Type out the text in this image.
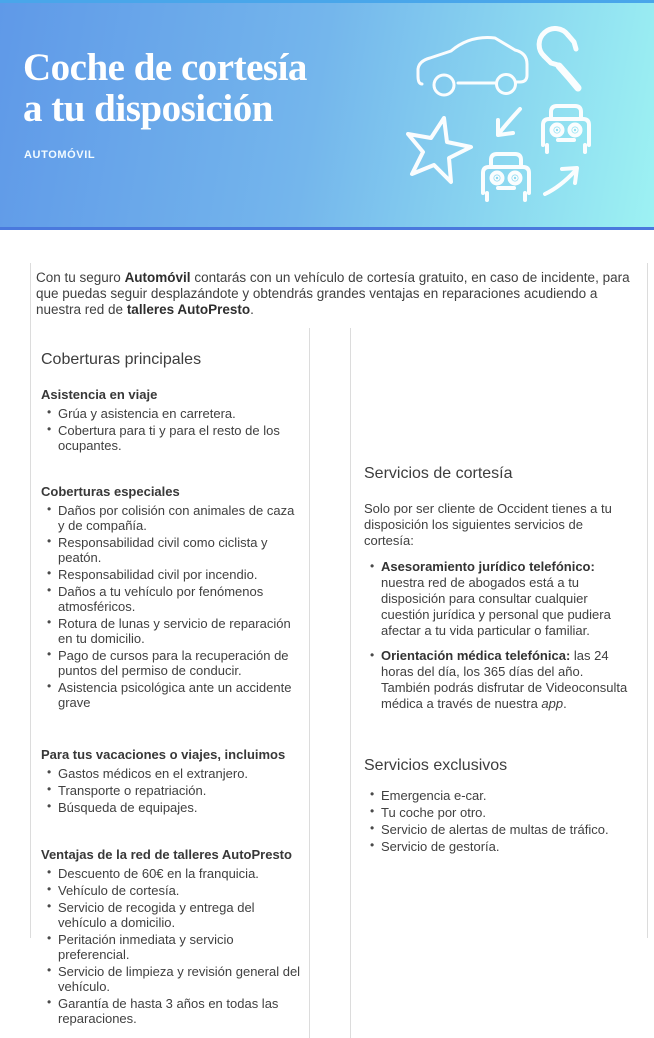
Coche de cortesía
a tu disposición
AUTOMÓVIL

Con tu seguro Automóvil contarás con un vehículo de cortesía gratuito, en caso de incidente, para que puedas seguir desplazándote y obtendrás grandes ventajas en reparaciones acudiendo a nuestra red de talleres AutoPresto.

Coberturas principales
Asistencia en viaje
• Grúa y asistencia en carretera.
• Cobertura para ti y para el resto de los ocupantes.
Coberturas especiales
• Daños por colisión con animales de caza y de compañía.
• Responsabilidad civil como ciclista y peatón.
• Responsabilidad civil por incendio.
• Daños a tu vehículo por fenómenos atmosféricos.
• Rotura de lunas y servicio de reparación en tu domicilio.
• Pago de cursos para la recuperación de puntos del permiso de conducir.
• Asistencia psicológica ante un accidente grave
Para tus vacaciones o viajes, incluimos
• Gastos médicos en el extranjero.
• Transporte o repatriación.
• Búsqueda de equipajes.
Ventajas de la red de talleres AutoPresto
• Descuento de 60€ en la franquicia.
• Vehículo de cortesía.
• Servicio de recogida y entrega del vehículo a domicilio.
• Peritación inmediata y servicio preferencial.
• Servicio de limpieza y revisión general del vehículo.
• Garantía de hasta 3 años en todas las reparaciones.
Servicios de cortesía

Solo por ser cliente de Occident tienes a tu disposición los siguientes servicios de cortesía:

• Asesoramiento jurídico telefónico: nuestra red de abogados está a tu disposición para consultar cualquier cuestión jurídica y personal que pudiera afectar a tu vida particular o familiar.
• Orientación médica telefónica: las 24 horas del día, los 365 días del año. También podrás disfrutar de Videoconsulta médica a través de nuestra app.
Servicios exclusivos
• Emergencia e-car.
• Tu coche por otro.
• Servicio de alertas de multas de tráfico.
• Servicio de gestoría.
